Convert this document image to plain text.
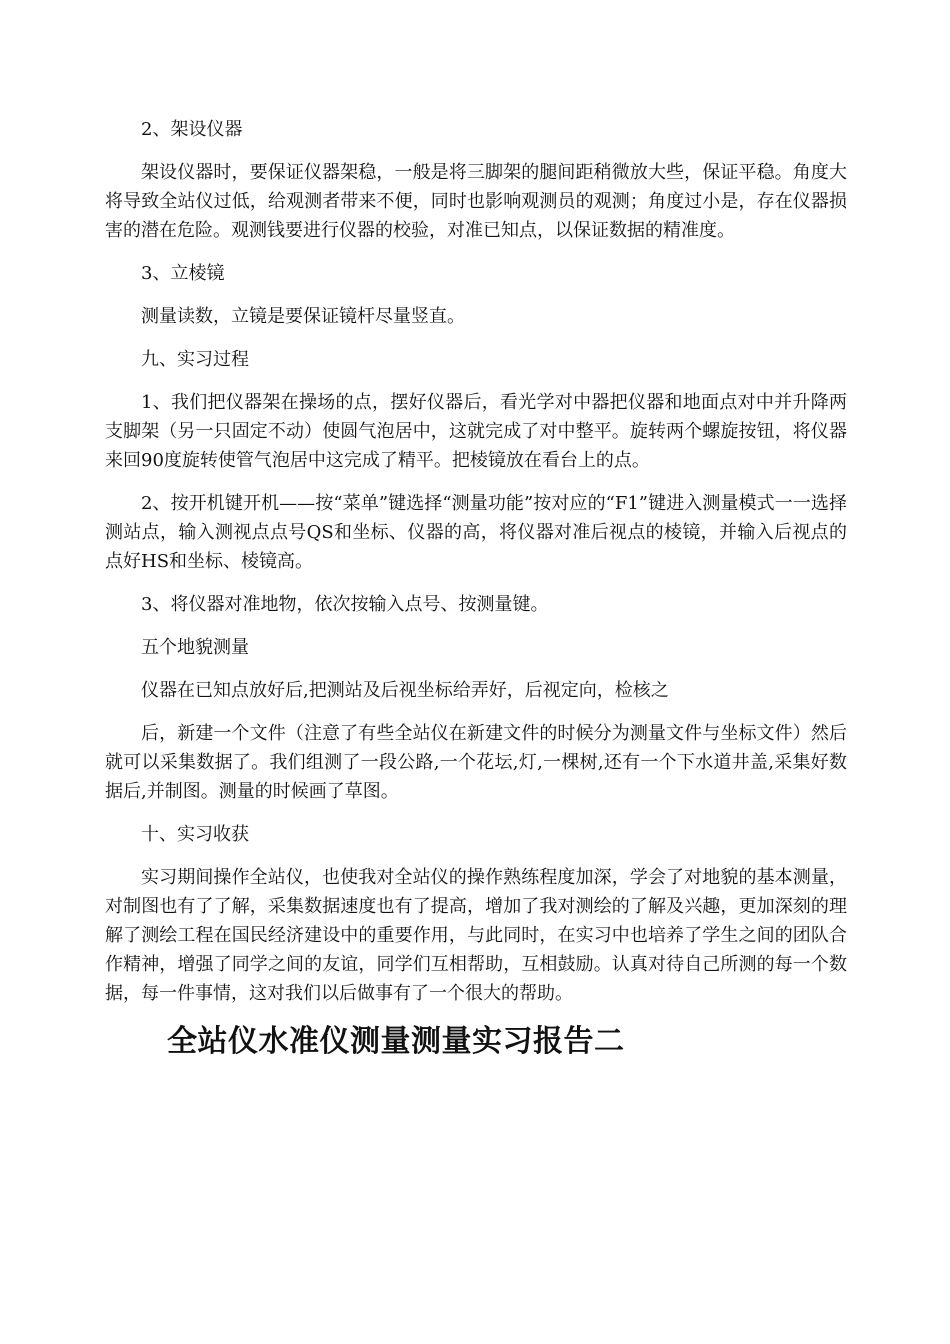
2、架设仪器

架设仪器时，要保证仪器架稳，一般是将三脚架的腿间距稍微放大些，保证平稳。角度大将导致全站仪过低，给观测者带来不便，同时也影响观测员的观测；角度过小是，存在仪器损害的潜在危险。观测钱要进行仪器的校验，对准已知点，以保证数据的精准度。

3、立棱镜

测量读数，立镜是要保证镜杆尽量竖直。

九、实习过程

1、我们把仪器架在操场的点，摆好仪器后，看光学对中器把仪器和地面点对中并升降两支脚架（另一只固定不动）使圆气泡居中，这就完成了对中整平。旋转两个螺旋按钮，将仪器来回90度旋转使管气泡居中这完成了精平。把棱镜放在看台上的点。

2、按开机键开机——按“菜单”键选择“测量功能”按对应的“F1”键进入测量模式一一选择测站点，输入测视点点号QS和坐标、仪器的高，将仪器对准后视点的棱镜，并输入后视点的点好HS和坐标、棱镜高。

3、将仪器对准地物，依次按输入点号、按测量键。

五个地貌测量

仪器在已知点放好后,把测站及后视坐标给弄好，后视定向，检核之

后，新建一个文件（注意了有些全站仪在新建文件的时候分为测量文件与坐标文件）然后就可以采集数据了。我们组测了一段公路,一个花坛,灯,一棵树,还有一个下水道井盖,采集好数据后,并制图。测量的时候画了草图。

十、实习收获

实习期间操作全站仪，也使我对全站仪的操作熟练程度加深，学会了对地貌的基本测量，对制图也有了了解，采集数据速度也有了提高，增加了我对测绘的了解及兴趣，更加深刻的理解了测绘工程在国民经济建设中的重要作用，与此同时，在实习中也培养了学生之间的团队合作精神，增强了同学之间的友谊，同学们互相帮助，互相鼓励。认真对待自己所测的每一个数据，每一件事情，这对我们以后做事有了一个很大的帮助。

全站仪水准仪测量测量实习报告二
